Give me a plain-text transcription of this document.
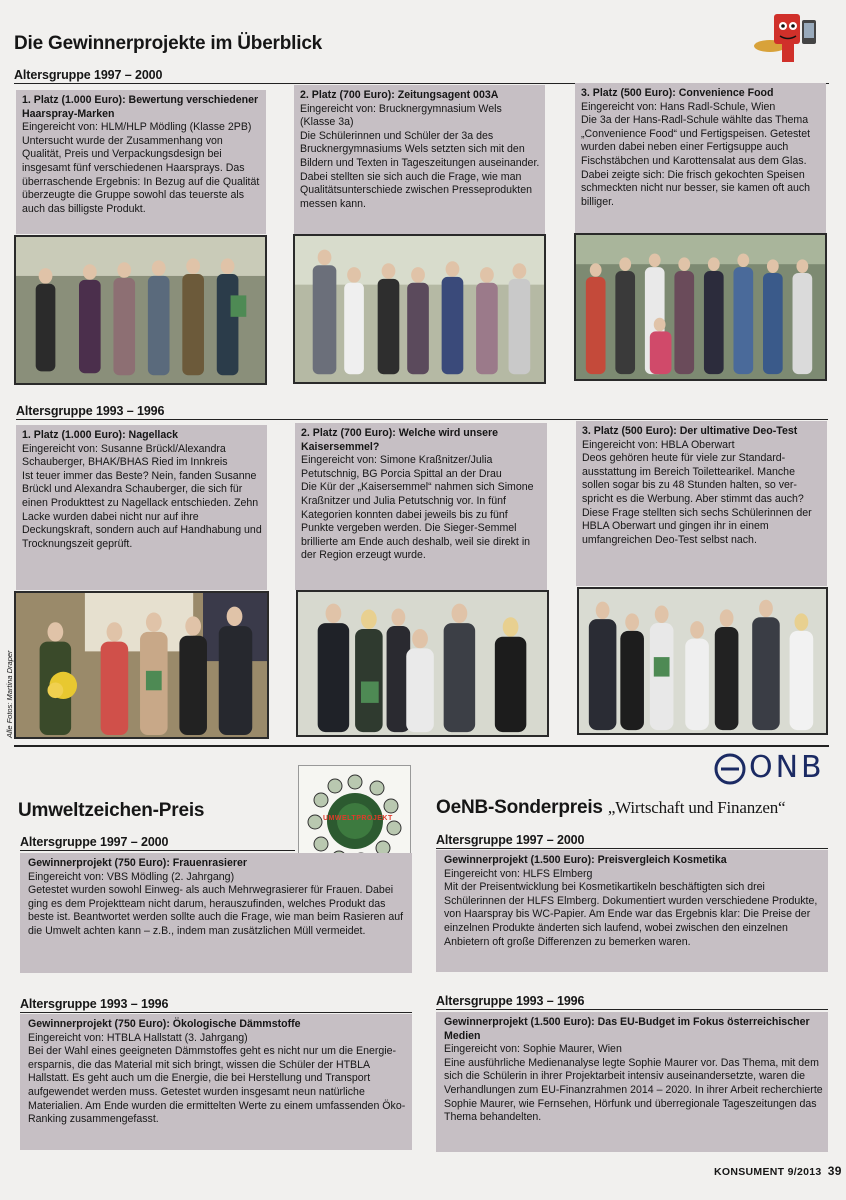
Die Gewinnerprojekte im Überblick
Altersgruppe 1997 – 2000
1. Platz (1.000 Euro): Bewertung verschiedener Haarspray-Marken
Eingereicht von: HLM/HLP Mödling (Klasse 2PB)
Untersucht wurde der Zusammenhang von Qualität, Preis und Verpackungsdesign bei insgesamt fünf verschiedenen Haarsprays. Das überraschende Ergebnis: In Bezug auf die Qualität überzeugte die Gruppe sowohl das teuerste als auch das billigste Produkt.
2. Platz (700 Euro): Zeitungsagent 003A
Eingereicht von: Brucknergymnasium Wels (Klasse 3a)
Die Schülerinnen und Schüler der 3a des Brucknergymnasiums Wels setzten sich mit den Bildern und Texten in Tageszeitungen auseinander. Dabei stellten sie sich auch die Frage, wie man Qualitätsunterschiede zwischen Presseprodukten messen kann.
3. Platz (500 Euro): Convenience Food
Eingereicht von: Hans Radl-Schule, Wien
Die 3a der Hans-Radl-Schule wählte das Thema „Convenience Food“ und Fertigspeisen. Getestet wurden dabei neben einer Fertigsuppe auch Fischstäbchen und Karottensalat aus dem Glas. Dabei zeigte sich: Die frisch gekochten Speisen schmeckten nicht nur besser, sie kamen oft auch billiger.
Altersgruppe 1993 – 1996
1. Platz (1.000 Euro): Nagellack
Eingereicht von: Susanne Brückl/Alexandra Schauberger, BHAK/BHAS Ried im Innkreis
Ist teuer immer das Beste? Nein, fanden Susanne Brückl und Alexandra Schauberger, die sich für einen Produkttest zu Nagellack entschieden. Zehn Lacke wurden dabei nicht nur auf ihre Deckungskraft, sondern auch auf Handhabung und Trocknungszeit geprüft.
2. Platz (700 Euro): Welche wird unsere Kaisersemmel?
Eingereicht von: Simone Kraßnitzer/Julia Petutschnig, BG Porcia Spittal an der Drau
Die Kür der „Kaisersemmel“ nahmen sich Simone Kraßnitzer und Julia Petutschnig vor. In fünf Kategorien konnten dabei jeweils bis zu fünf Punkte vergeben werden. Die Sieger-Semmel brillierte am Ende auch deshalb, weil sie direkt in der Region erzeugt wurde.
3. Platz (500 Euro): Der ultimative Deo-Test
Eingereicht von: HBLA Oberwart
Deos gehören heute für viele zur Standardausstattung im Bereich Toilettearikel. Manche sollen sogar bis zu 48 Stunden halten, so verspricht es die Werbung. Aber stimmt das auch? Diese Frage stellten sich sechs Schülerinnen der HBLA Oberwart und gingen ihr in einem umfangreichen Deo-Test selbst nach.
Alle Fotos: Martina Draper
Umweltzeichen-Preis	UMWELTPROJEKT
Altersgruppe 1997 – 2000
Gewinnerprojekt (750 Euro): Frauenrasierer
Eingereicht von: VBS Mödling (2. Jahrgang)
Getestet wurden sowohl Einweg- als auch Mehrwegrasierer für Frauen. Dabei ging es dem Projektteam nicht darum, herauszufinden, welches Produkt das beste ist. Beantwortet werden sollte auch die Frage, wie man beim Rasieren auf die Umwelt achten kann – z.B., indem man zusätzlichen Müll vermeidet.
Altersgruppe 1993 – 1996
Gewinnerprojekt (750 Euro): Ökologische Dämmstoffe
Eingereicht von: HTBLA Hallstatt (3. Jahrgang)
Bei der Wahl eines geeigneten Dämmstoffes geht es nicht nur um die Energieersparnis, die das Material mit sich bringt, wissen die Schüler der HTBLA Hallstatt. Es geht auch um die Energie, die bei Herstellung und Transport aufgewendet werden muss. Getestet wurden insgesamt neun natürliche Materialien. Am Ende wurden die ermittelten Werte zu einem umfassenden Öko-Ranking zusammengefasst.
ONB
OeNB-Sonderpreis „Wirtschaft und Finanzen“
Altersgruppe 1997 – 2000
Gewinnerprojekt (1.500 Euro): Preisvergleich Kosmetika
Eingereicht von: HLFS Elmberg
Mit der Preisentwicklung bei Kosmetikartikeln beschäftigten sich drei Schülerinnen der HLFS Elmberg. Dokumentiert wurden verschiedene Produkte, von Haarspray bis WC-Papier. Am Ende war das Ergebnis klar: Die Preise der einzelnen Produkte änderten sich laufend, wobei zwischen den einzelnen Anbietern oft große Differenzen zu bemerken waren.
Altersgruppe 1993 – 1996
Gewinnerprojekt (1.500 Euro): Das EU-Budget im Fokus österreichischer Medien
Eingereicht von: Sophie Maurer, Wien
Eine ausführliche Medienanalyse legte Sophie Maurer vor. Das Thema, mit dem sich die Schülerin in ihrer Projektarbeit intensiv auseinandersetzte, waren die Verhandlungen zum EU-Finanzrahmen 2014 – 2020. In ihrer Arbeit recherchierte Sophie Maurer, wie Fernsehen, Hörfunk und überregionale Tageszeitungen das Thema behandelten.
KONSUMENT 9/2013 39
